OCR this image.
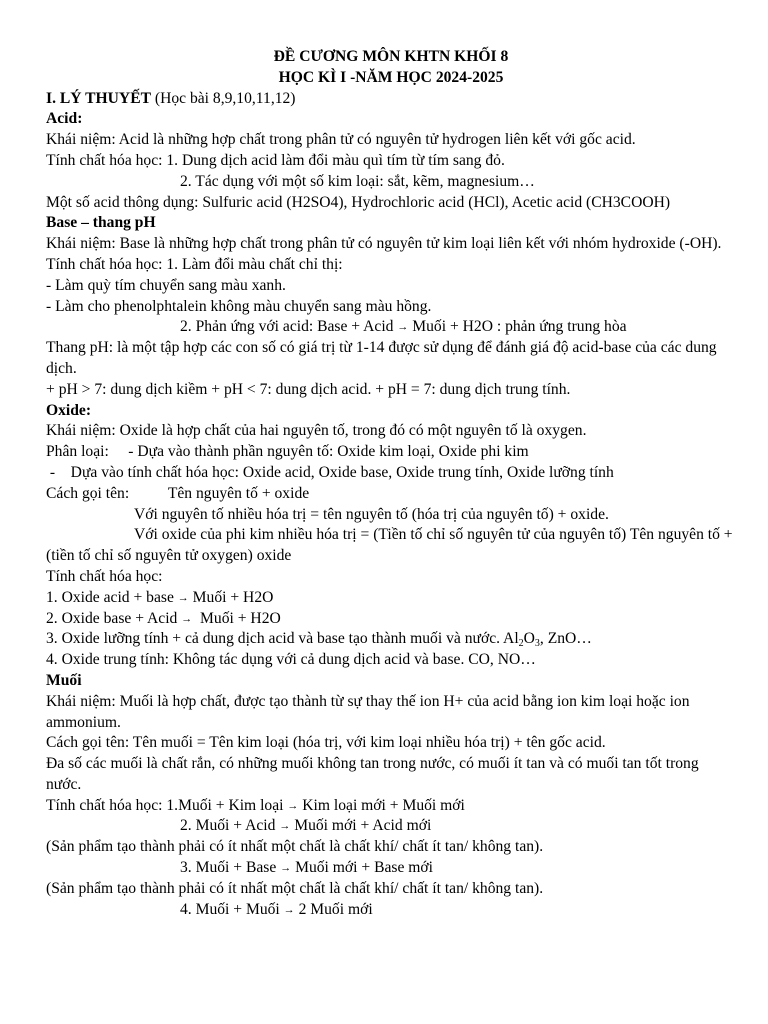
ĐỀ CƯƠNG MÔN KHTN KHỐI 8

HỌC KÌ I -NĂM HỌC 2024-2025

I. LÝ THUYẾT (Học bài 8,9,10,11,12)

Acid:

Khái niệm: Acid là những hợp chất trong phân tử có nguyên tử hydrogen liên kết với gốc acid.

Tính chất hóa học: 1. Dung dịch acid làm đổi màu quì tím từ tím sang đỏ.

2. Tác dụng với một số kim loại: sắt, kẽm, magnesium…

Một số acid thông dụng: Sulfuric acid (H2SO4), Hydrochloric acid (HCl), Acetic acid (CH3COOH)

Base – thang pH

Khái niệm: Base là những hợp chất trong phân tử có nguyên tử kim loại liên kết với nhóm hydroxide (-OH).

Tính chất hóa học: 1. Làm đổi màu chất chỉ thị:

- Làm quỳ tím chuyển sang màu xanh.

- Làm cho phenolphtalein không màu chuyển sang màu hồng.

2. Phản ứng với acid: Base + Acid → Muối + H2O : phản ứng trung hòa

Thang pH: là một tập hợp các con số có giá trị từ 1-14 được sử dụng để đánh giá độ acid-base của các dung dịch.

+ pH > 7: dung dịch kiềm + pH < 7: dung dịch acid. + pH = 7: dung dịch trung tính.

Oxide:

Khái niệm: Oxide là hợp chất của hai nguyên tố, trong đó có một nguyên tố là oxygen.

Phân loại:     - Dựa vào thành phần nguyên tố: Oxide kim loại, Oxide phi kim

-    Dựa vào tính chất hóa học: Oxide acid, Oxide base, Oxide trung tính, Oxide lưỡng tính

Cách gọi tên:          Tên nguyên tố + oxide

Với nguyên tố nhiều hóa trị = tên nguyên tố (hóa trị của nguyên tố) + oxide.

Với oxide của phi kim nhiều hóa trị = (Tiền tố chỉ số nguyên tử của nguyên tố) Tên nguyên tố + (tiền tố chỉ số nguyên tử oxygen) oxide

Tính chất hóa học:

1. Oxide acid + base → Muối + H2O

2. Oxide base + Acid →  Muối + H2O

3. Oxide lưỡng tính + cả dung dịch acid và base tạo thành muối và nước. $Al_2O_3$, ZnO…

4. Oxide trung tính: Không tác dụng với cả dung dịch acid và base. CO, NO…

Muối

Khái niệm: Muối là hợp chất, được tạo thành từ sự thay thế ion H+ của acid bằng ion kim loại hoặc ion ammonium.

Cách gọi tên: Tên muối = Tên kim loại (hóa trị, với kim loại nhiều hóa trị) + tên gốc acid.

Đa số các muối là chất rắn, có những muối không tan trong nước, có muối ít tan và có muối tan tốt trong nước.

Tính chất hóa học: 1.Muối + Kim loại → Kim loại mới + Muối mới

2. Muối + Acid → Muối mới + Acid mới

(Sản phẩm tạo thành phải có ít nhất một chất là chất khí/ chất ít tan/ không tan).

3. Muối + Base → Muối mới + Base mới

(Sản phẩm tạo thành phải có ít nhất một chất là chất khí/ chất ít tan/ không tan).

4. Muối + Muối → 2 Muối mới
